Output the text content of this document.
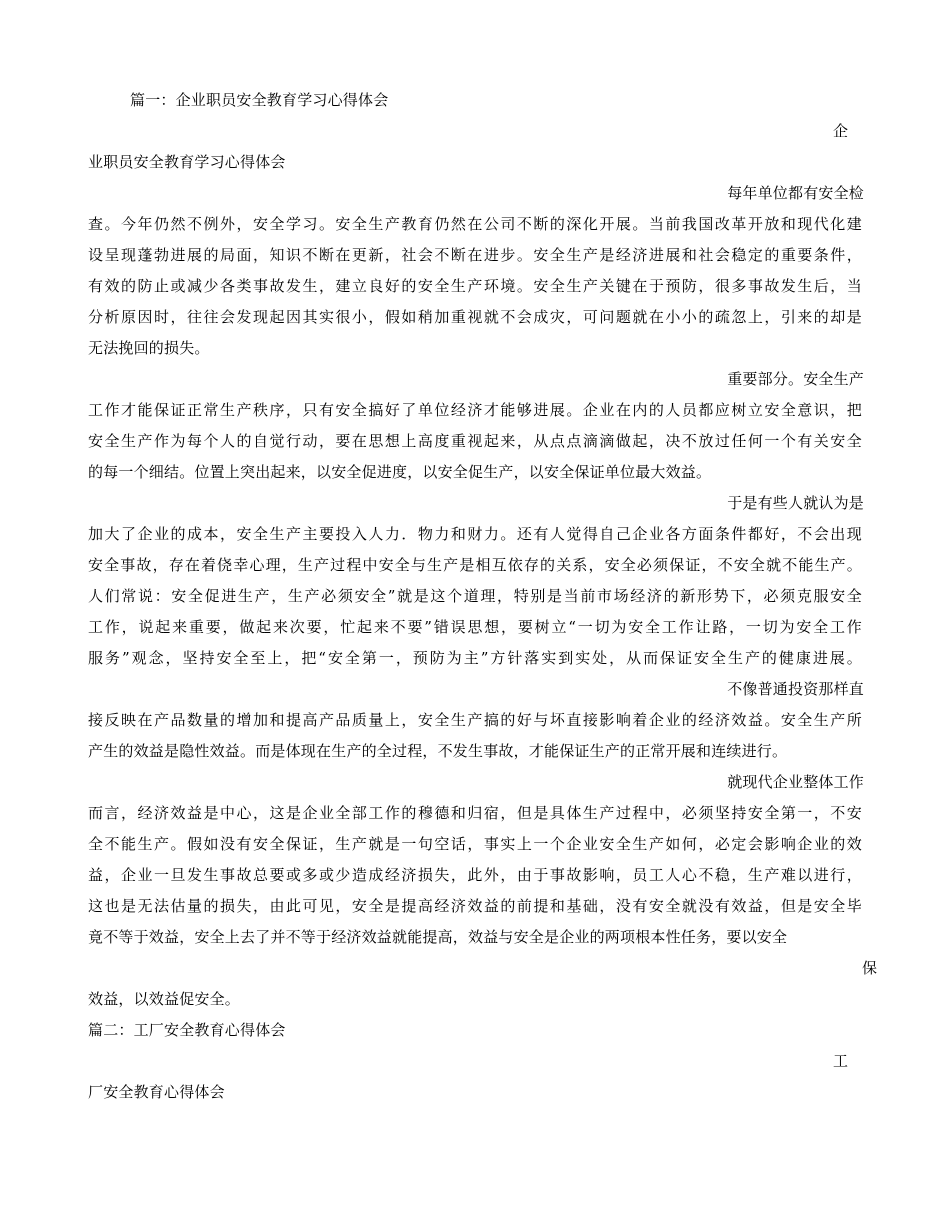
篇一：企业职员安全教育学习心得体会
企
业职员安全教育学习心得体会
每年单位都有安全检
查。今年仍然不例外，安全学习。安全生产教育仍然在公司不断的深化开展。当前我国改革开放和现代化建
设呈现蓬勃进展的局面，知识不断在更新，社会不断在进步。安全生产是经济进展和社会稳定的重要条件，
有效的防止或减少各类事故发生，建立良好的安全生产环境。安全生产关键在于预防，很多事故发生后，当
分析原因时，往往会发现起因其实很小，假如稍加重视就不会成灾，可问题就在小小的疏忽上，引来的却是
无法挽回的损失。
重要部分。安全生产
工作才能保证正常生产秩序，只有安全搞好了单位经济才能够进展。企业在内的人员都应树立安全意识，把
安全生产作为每个人的自觉行动，要在思想上高度重视起来，从点点滴滴做起，决不放过任何一个有关安全
的每一个细结。位置上突出起来，以安全促进度，以安全促生产，以安全保证单位最大效益。
于是有些人就认为是
加大了企业的成本，安全生产主要投入人力．物力和财力。还有人觉得自己企业各方面条件都好，不会出现
安全事故，存在着侥幸心理，生产过程中安全与生产是相互依存的关系，安全必须保证，不安全就不能生产。
人们常说：安全促进生产，生产必须安全”就是这个道理，特别是当前市场经济的新形势下，必须克服安全
工作，说起来重要，做起来次要，忙起来不要”错误思想，要树立“一切为安全工作让路，一切为安全工作
服务”观念，坚持安全至上，把“安全第一，预防为主”方针落实到实处，从而保证安全生产的健康进展。
不像普通投资那样直
接反映在产品数量的增加和提高产品质量上，安全生产搞的好与坏直接影响着企业的经济效益。安全生产所
产生的效益是隐性效益。而是体现在生产的全过程，不发生事故，才能保证生产的正常开展和连续进行。
就现代企业整体工作
而言，经济效益是中心，这是企业全部工作的穆德和归宿，但是具体生产过程中，必须坚持安全第一，不安
全不能生产。假如没有安全保证，生产就是一句空话，事实上一个企业安全生产如何，必定会影响企业的效
益，企业一旦发生事故总要或多或少造成经济损失，此外，由于事故影响，员工人心不稳，生产难以进行，
这也是无法估量的损失，由此可见，安全是提高经济效益的前提和基础，没有安全就没有效益，但是安全毕
竟不等于效益，安全上去了并不等于经济效益就能提高，效益与安全是企业的两项根本性任务，要以安全
保
效益，以效益促安全。
篇二：工厂安全教育心得体会
工
厂安全教育心得体会
